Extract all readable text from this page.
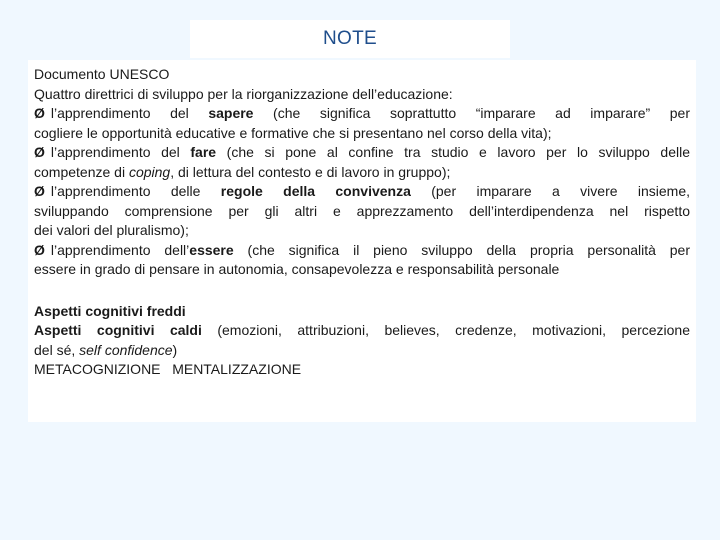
NOTE
Documento UNESCO
Quattro direttrici di sviluppo per la riorganizzazione dell’educazione:
Ø l’apprendimento del sapere (che significa soprattutto “imparare ad imparare” per
cogliere le opportunità educative e formative che si presentano nel corso della vita);
Ø l’apprendimento del fare (che si pone al confine tra studio e lavoro per lo sviluppo delle
competenze di coping, di lettura del contesto e di lavoro in gruppo);
Ø l’apprendimento delle regole della convivenza (per imparare a vivere insieme,
sviluppando comprensione per gli altri e apprezzamento dell’interdipendenza nel rispetto
dei valori del pluralismo);
Ø l’apprendimento dell’essere (che significa il pieno sviluppo della propria personalità per
essere in grado di pensare in autonomia, consapevolezza e responsabilità personale
Aspetti cognitivi freddi
Aspetti cognitivi caldi (emozioni, attribuzioni, believes, credenze, motivazioni, percezione
del sé, self confidence)
METACOGNIZIONE   MENTALIZZAZIONE
